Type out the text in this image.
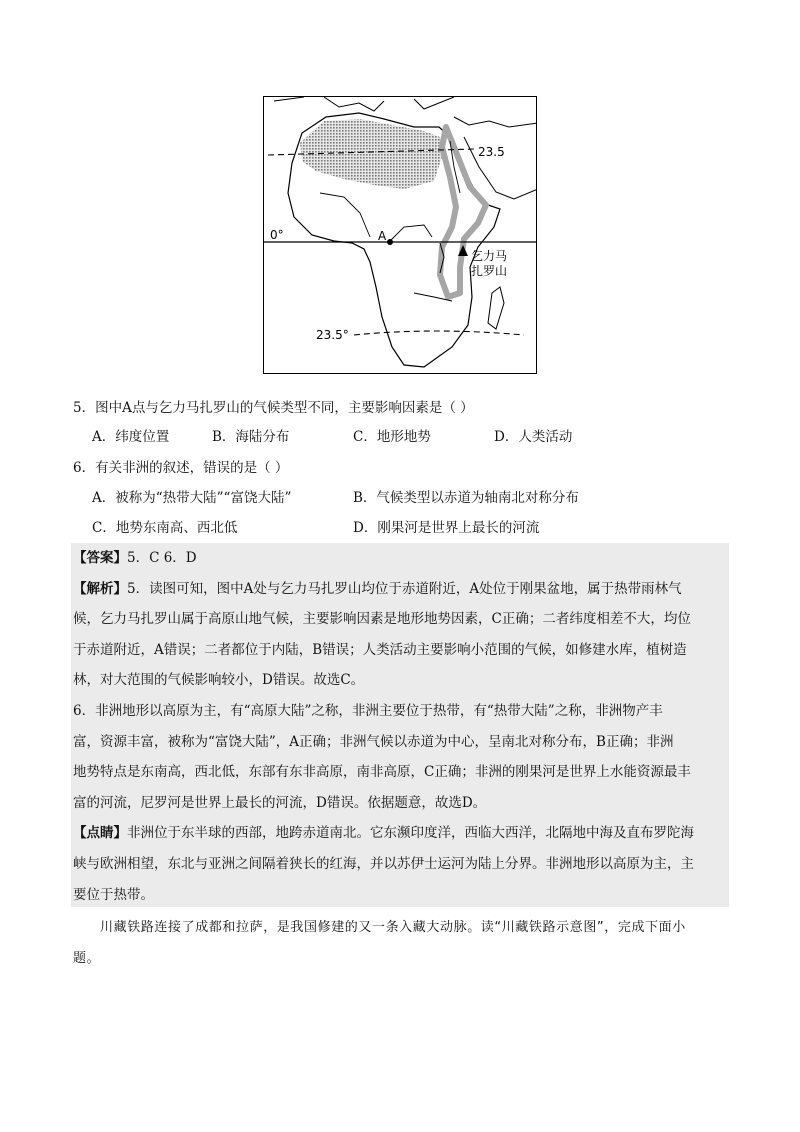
23.5
0°	A
乞力马
扎罗山
23.5°
5．图中A点与乞力马扎罗山的气候类型不同，主要影响因素是（ ）
A．纬度位置	B．海陆分布	C．地形地势	D．人类活动
6．有关非洲的叙述，错误的是（ ）
A．被称为“热带大陆”“富饶大陆”	B．气候类型以赤道为轴南北对称分布
C．地势东南高、西北低	D．刚果河是世界上最长的河流
【答案】5．C 6．D
【解析】5．读图可知，图中A处与乞力马扎罗山均位于赤道附近，A处位于刚果盆地，属于热带雨林气
候，乞力马扎罗山属于高原山地气候，主要影响因素是地形地势因素，C正确；二者纬度相差不大，均位
于赤道附近，A错误；二者都位于内陆，B错误；人类活动主要影响小范围的气候，如修建水库，植树造
林，对大范围的气候影响较小，D错误。故选C。
6．非洲地形以高原为主，有“高原大陆”之称，非洲主要位于热带，有“热带大陆”之称，非洲物产丰
富，资源丰富，被称为“富饶大陆”，A正确；非洲气候以赤道为中心，呈南北对称分布，B正确；非洲
地势特点是东南高，西北低，东部有东非高原，南非高原，C正确；非洲的刚果河是世界上水能资源最丰
富的河流，尼罗河是世界上最长的河流，D错误。依据题意，故选D。
【点睛】非洲位于东半球的西部，地跨赤道南北。它东濒印度洋，西临大西洋，北隔地中海及直布罗陀海
峡与欧洲相望，东北与亚洲之间隔着狭长的红海，并以苏伊士运河为陆上分界。非洲地形以高原为主，主
要位于热带。
川藏铁路连接了成都和拉萨，是我国修建的又一条入藏大动脉。读“川藏铁路示意图”，完成下面小
题。
